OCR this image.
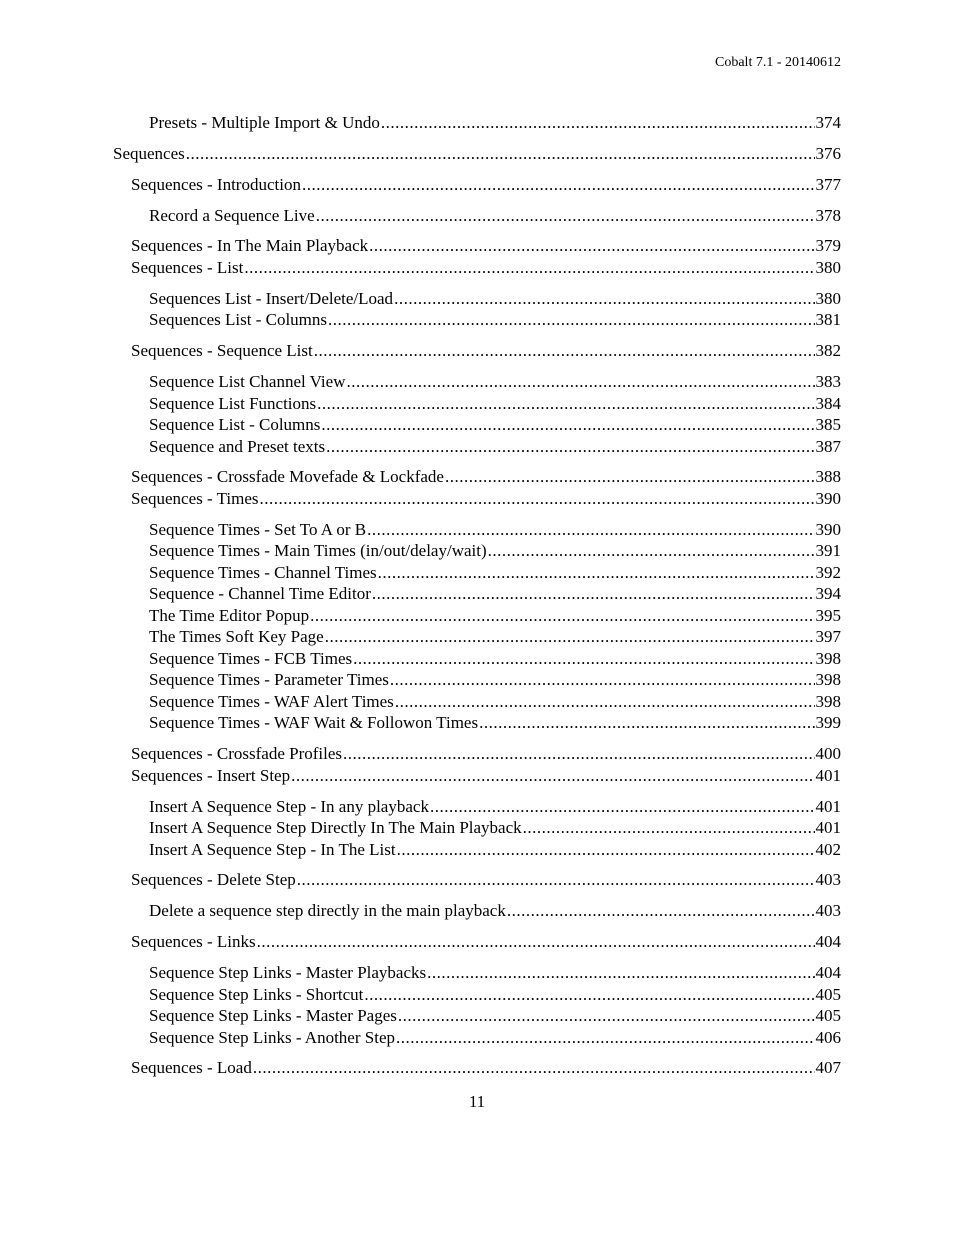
Cobalt 7.1 - 20140612
Presets - Multiple Import & Undo .....	374
Sequences .....	376
Sequences - Introduction .....	377
Record a Sequence Live .....	378
Sequences - In The Main Playback .....	379
Sequences - List .....	380
Sequences List - Insert/Delete/Load .....	380
Sequences List - Columns .....	381
Sequences - Sequence List .....	382
Sequence List Channel View .....	383
Sequence List Functions .....	384
Sequence List - Columns .....	385
Sequence and Preset texts .....	387
Sequences - Crossfade Movefade & Lockfade .....	388
Sequences - Times .....	390
Sequence Times - Set To A or B .....	390
Sequence Times - Main Times (in/out/delay/wait) .....	391
Sequence Times - Channel Times .....	392
Sequence - Channel Time Editor .....	394
The Time Editor Popup .....	395
The Times Soft Key Page .....	397
Sequence Times - FCB Times .....	398
Sequence Times - Parameter Times .....	398
Sequence Times - WAF Alert Times .....	398
Sequence Times - WAF Wait & Followon Times .....	399
Sequences - Crossfade Profiles .....	400
Sequences - Insert Step .....	401
Insert A Sequence Step - In any playback .....	401
Insert A Sequence Step Directly In The Main Playback .....	401
Insert A Sequence Step - In The List .....	402
Sequences - Delete Step .....	403
Delete a sequence step directly in the main playback .....	403
Sequences - Links .....	404
Sequence Step Links - Master Playbacks .....	404
Sequence Step Links - Shortcut .....	405
Sequence Step Links - Master Pages .....	405
Sequence Step Links - Another Step .....	406
Sequences - Load .....	407
11
